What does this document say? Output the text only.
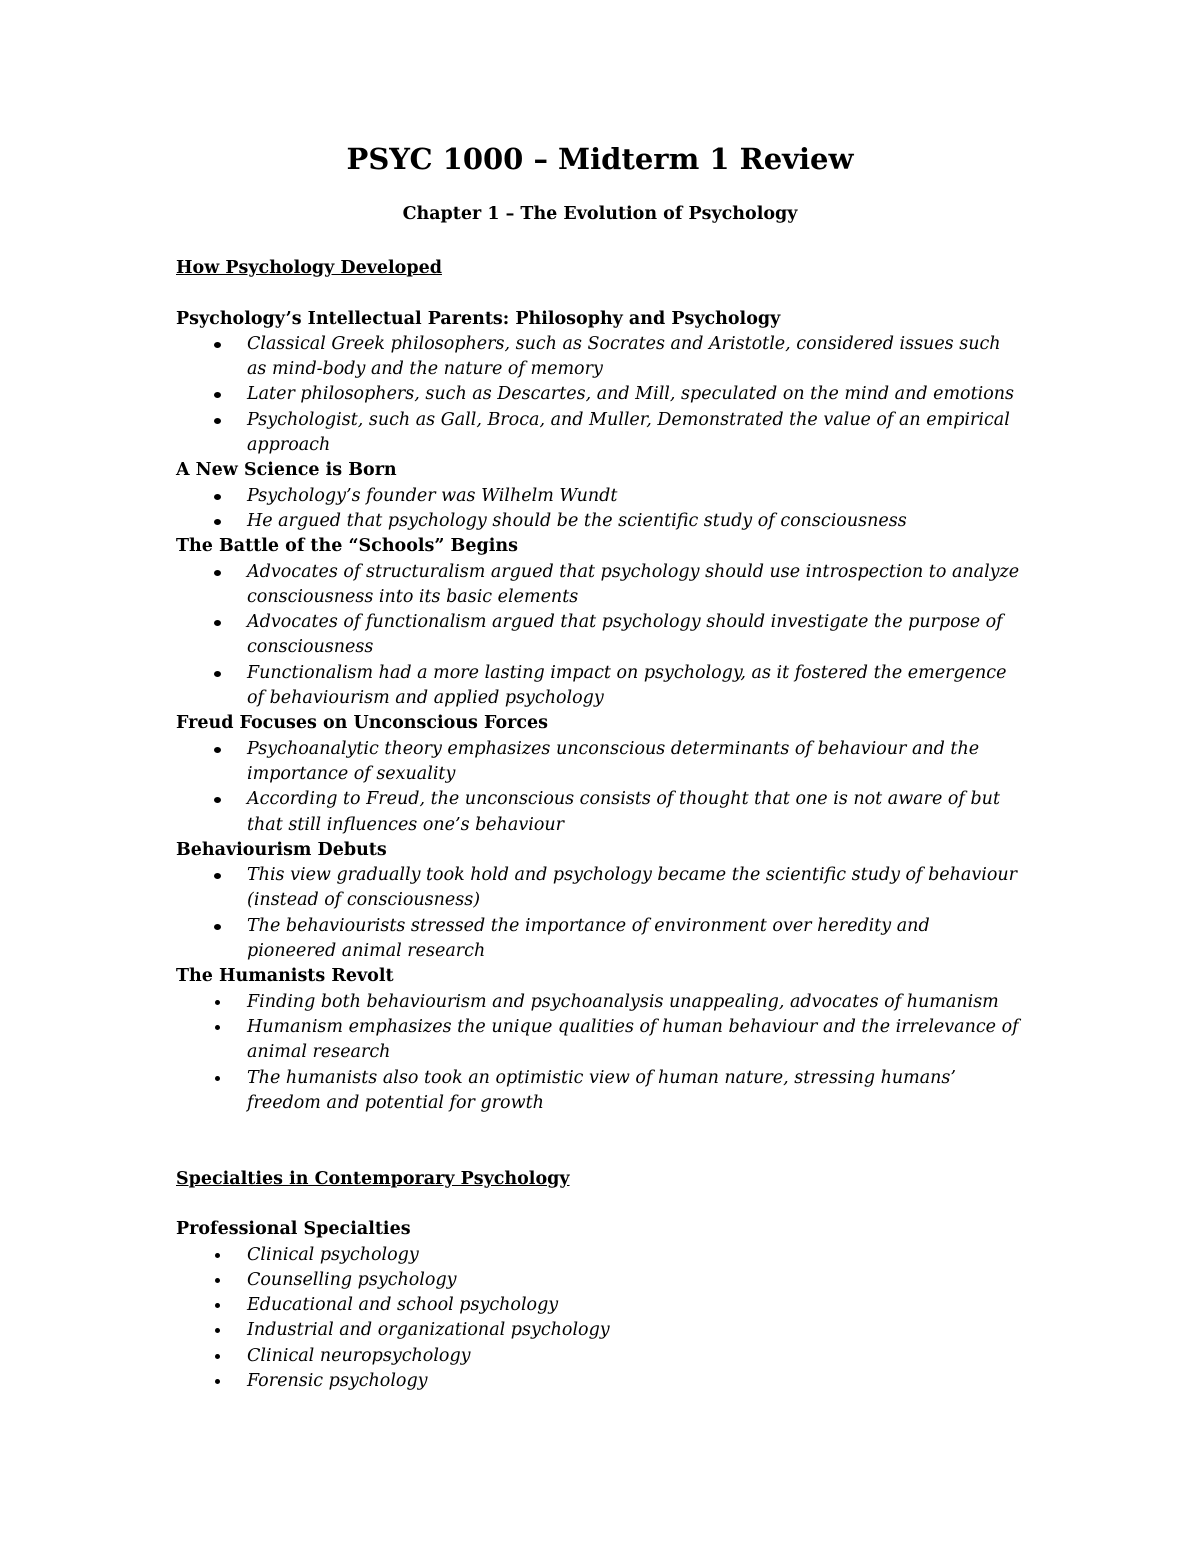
PSYC 1000 – Midterm 1 Review
Chapter 1 – The Evolution of Psychology
How Psychology Developed
Psychology’s Intellectual Parents: Philosophy and Psychology
Classical Greek philosophers, such as Socrates and Aristotle, considered issues such as mind-body and the nature of memory
Later philosophers, such as Descartes, and Mill, speculated on the mind and emotions
Psychologist, such as Gall, Broca, and Muller, Demonstrated the value of an empirical approach
A New Science is Born
Psychology’s founder was Wilhelm Wundt
He argued that psychology should be the scientific study of consciousness
The Battle of the “Schools” Begins
Advocates of structuralism argued that psychology should use introspection to analyze consciousness into its basic elements
Advocates of functionalism argued that psychology should investigate the purpose of consciousness
Functionalism had a more lasting impact on psychology, as it fostered the emergence of behaviourism and applied psychology
Freud Focuses on Unconscious Forces
Psychoanalytic theory emphasizes unconscious determinants of behaviour and the importance of sexuality
According to Freud, the unconscious consists of thought that one is not aware of but that still influences one’s behaviour
Behaviourism Debuts
This view gradually took hold and psychology became the scientific study of behaviour (instead of consciousness)
The behaviourists stressed the importance of environment over heredity and pioneered animal research
The Humanists Revolt
Finding both behaviourism and psychoanalysis unappealing, advocates of humanism
Humanism emphasizes the unique qualities of human behaviour and the irrelevance of animal research
The humanists also took an optimistic view of human nature, stressing humans’ freedom and potential for growth
Specialties in Contemporary Psychology
Professional Specialties
Clinical psychology
Counselling psychology
Educational and school psychology
Industrial and organizational psychology
Clinical neuropsychology
Forensic psychology
